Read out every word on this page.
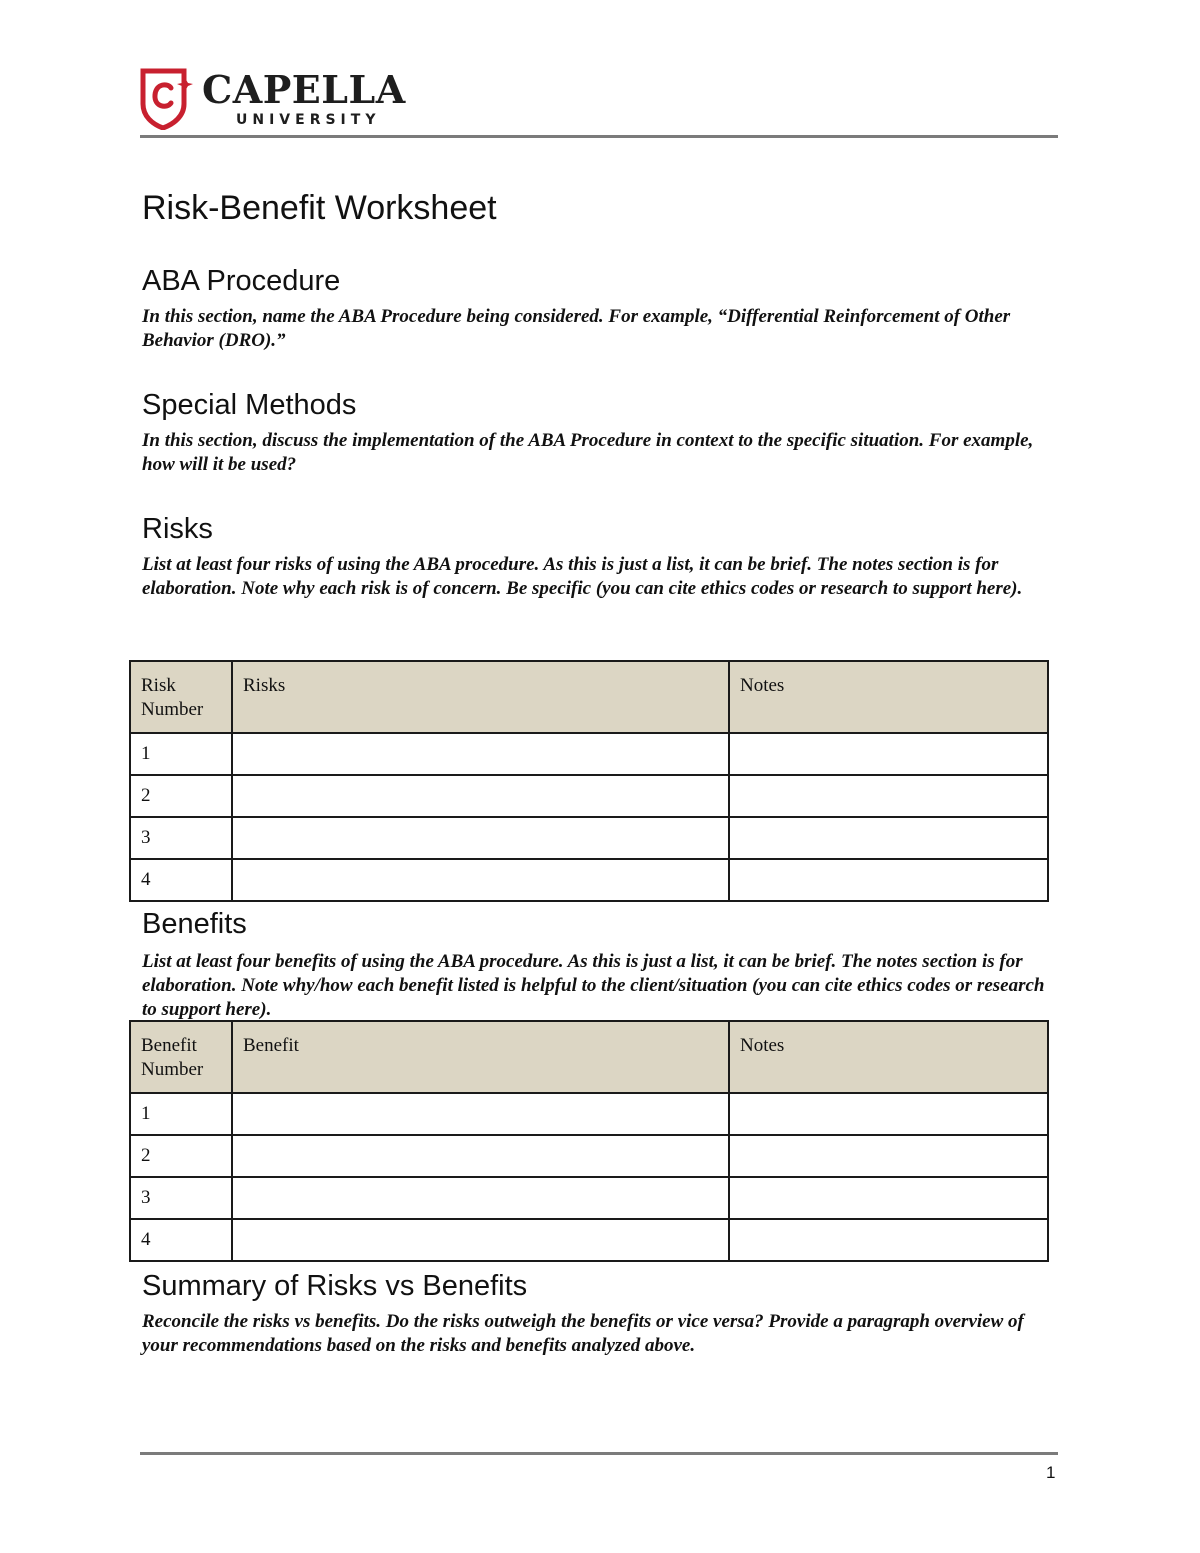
CAPELLA
UNIVERSITY
Risk-Benefit Worksheet
ABA Procedure
In this section, name the ABA Procedure being considered. For example, “Differential Reinforcement of Other Behavior (DRO).”
Special Methods
In this section, discuss the implementation of the ABA Procedure in context to the specific situation. For example, how will it be used?
Risks
List at least four risks of using the ABA procedure. As this is just a list, it can be brief. The notes section is for elaboration. Note why each risk is of concern. Be specific (you can cite ethics codes or research to support here).
Risk Number	Risks	Notes
1		
2		
3		
4		
Benefits
List at least four benefits of using the ABA procedure. As this is just a list, it can be brief. The notes section is for elaboration. Note why/how each benefit listed is helpful to the client/situation (you can cite ethics codes or research to support here).
Benefit Number	Benefit	Notes
1		
2		
3		
4		
Summary of Risks vs Benefits
Reconcile the risks vs benefits. Do the risks outweigh the benefits or vice versa? Provide a paragraph overview of your recommendations based on the risks and benefits analyzed above.
1
